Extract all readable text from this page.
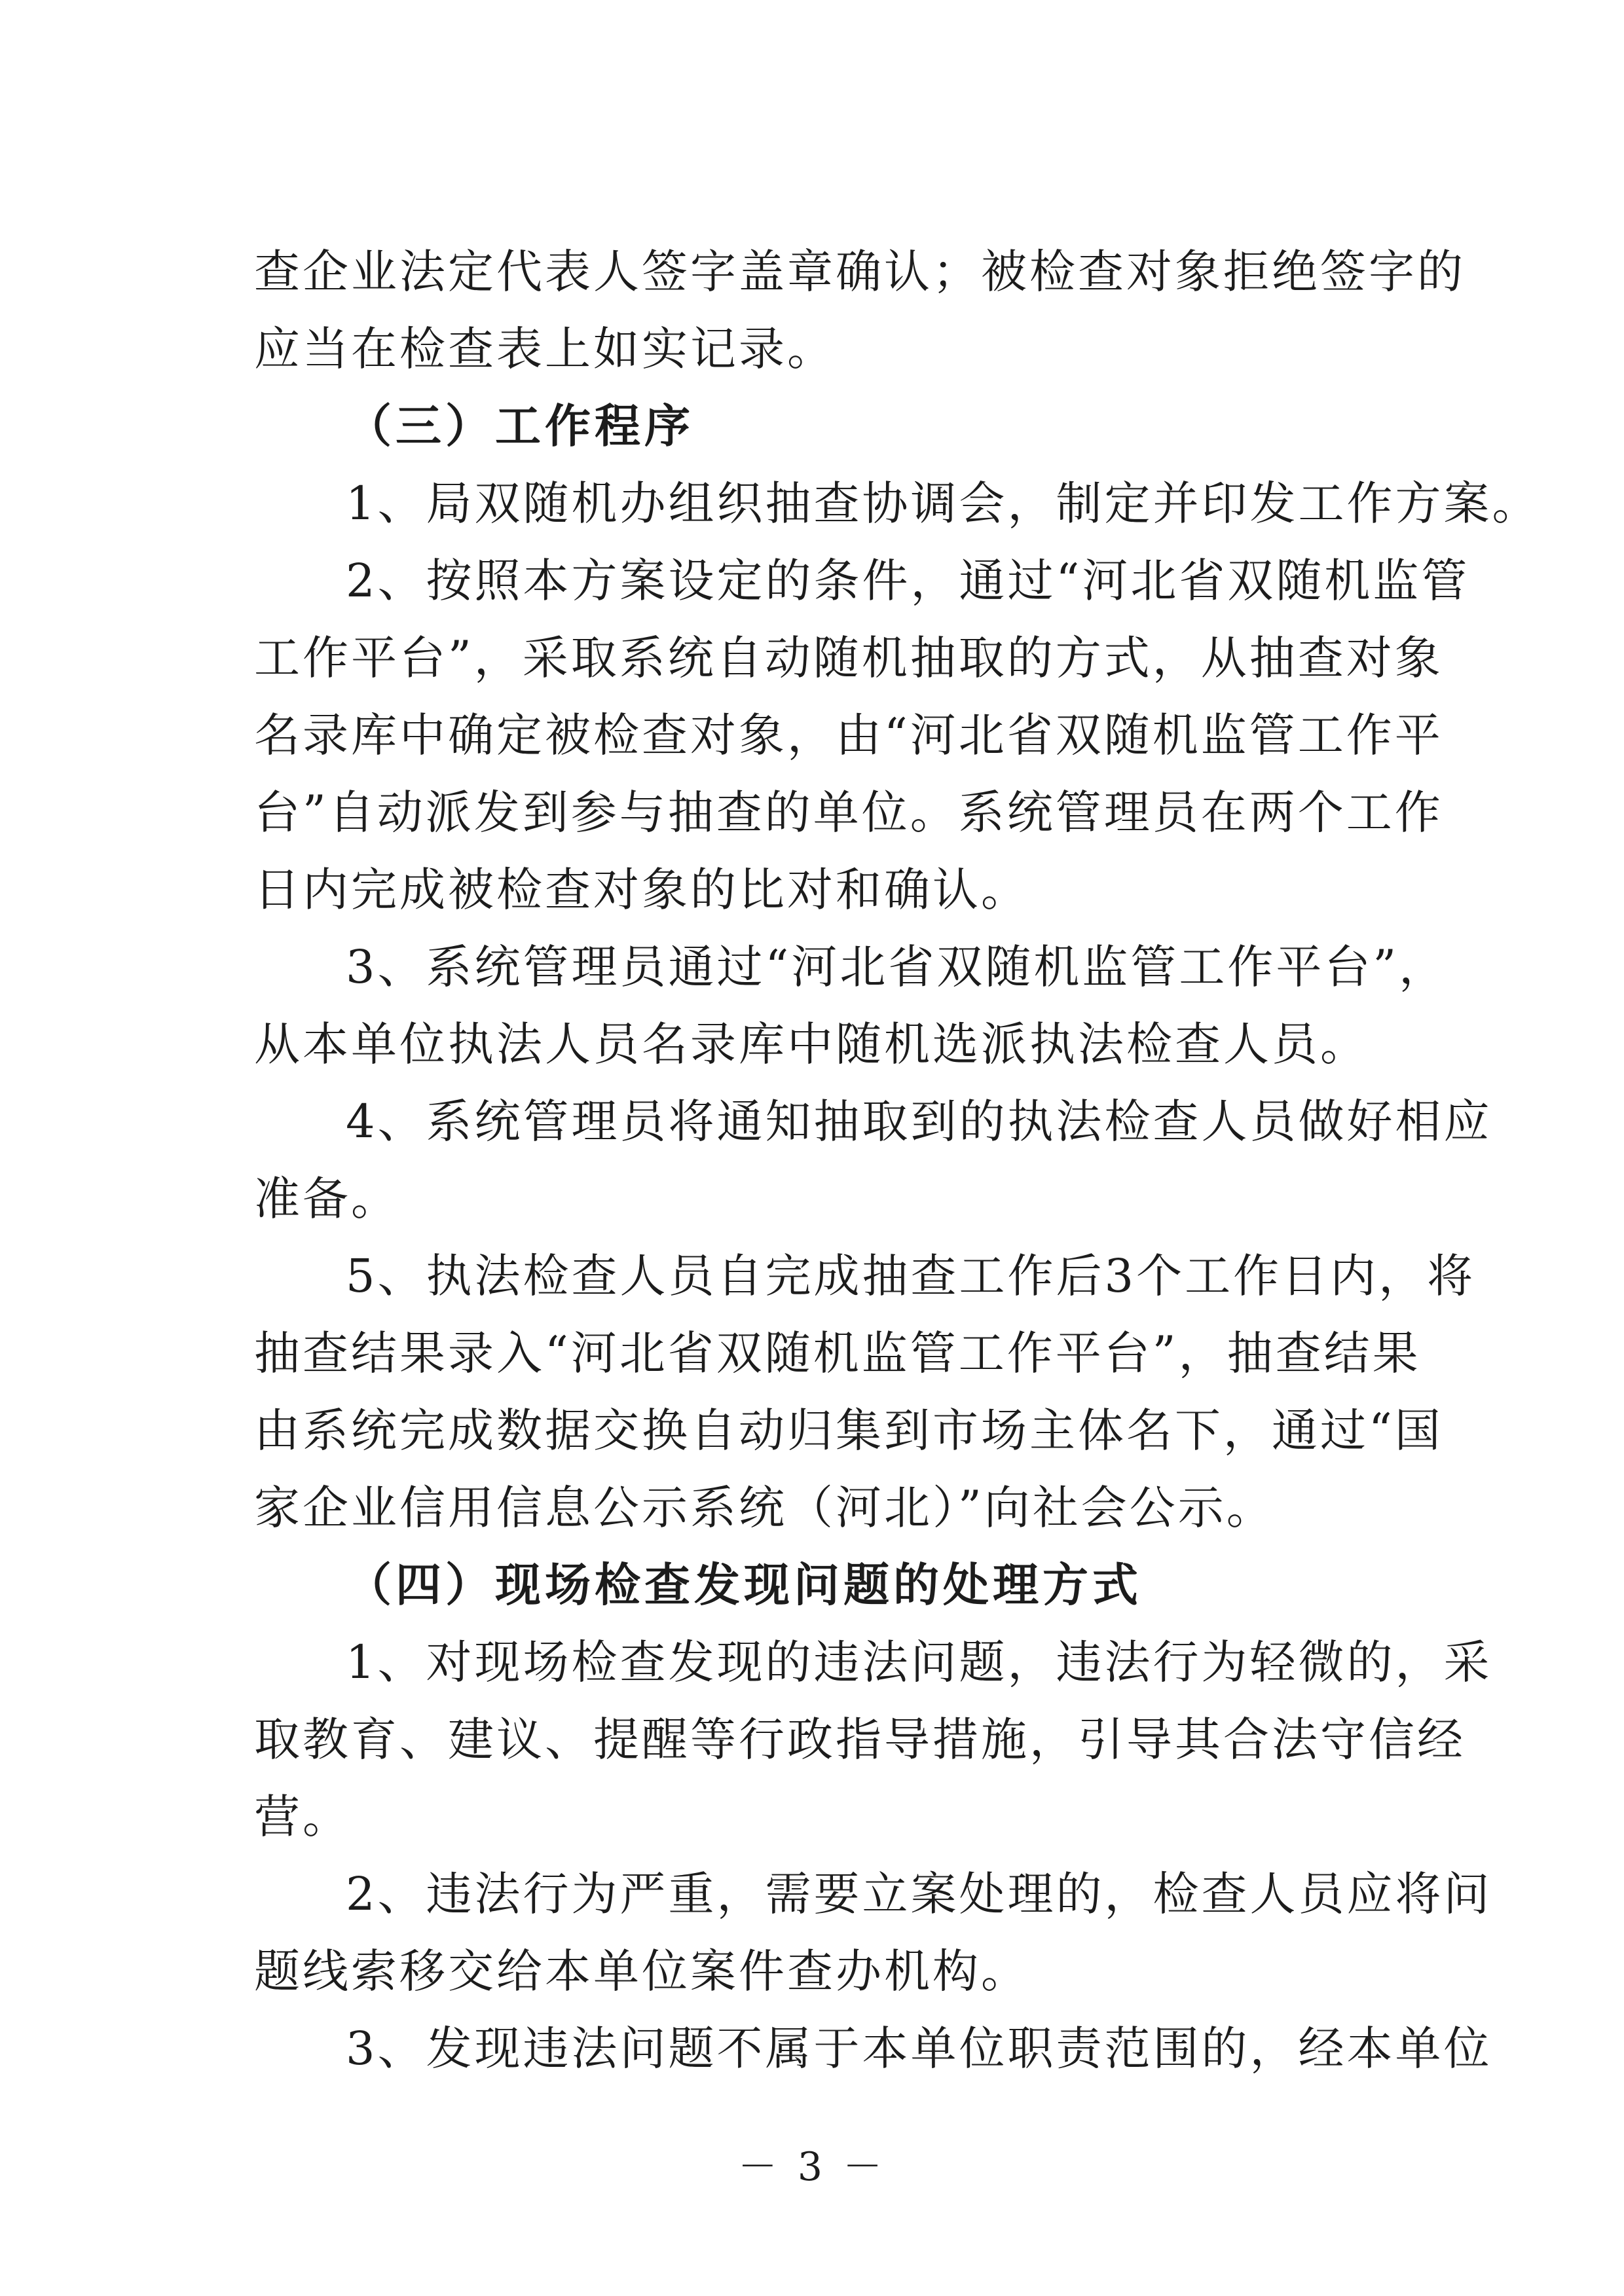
查企业法定代表人签字盖章确认；被检查对象拒绝签字的
应当在检查表上如实记录。
（三）工作程序
1、局双随机办组织抽查协调会，制定并印发工作方案。
2、按照本方案设定的条件，通过“河北省双随机监管
工作平台”，采取系统自动随机抽取的方式，从抽查对象
名录库中确定被检查对象，由“河北省双随机监管工作平
台”自动派发到参与抽查的单位。系统管理员在两个工作
日内完成被检查对象的比对和确认。
3、系统管理员通过“河北省双随机监管工作平台”，
从本单位执法人员名录库中随机选派执法检查人员。
4、系统管理员将通知抽取到的执法检查人员做好相应
准备。
5、执法检查人员自完成抽查工作后3个工作日内，将
抽查结果录入“河北省双随机监管工作平台”，抽查结果
由系统完成数据交换自动归集到市场主体名下，通过“国
家企业信用信息公示系统（河北）”向社会公示。
（四）现场检查发现问题的处理方式
1、对现场检查发现的违法问题，违法行为轻微的，采
取教育、建议、提醒等行政指导措施，引导其合法守信经
营。
2、违法行为严重，需要立案处理的，检查人员应将问
题线索移交给本单位案件查办机构。
3、发现违法问题不属于本单位职责范围的，经本单位
－ 3 －
